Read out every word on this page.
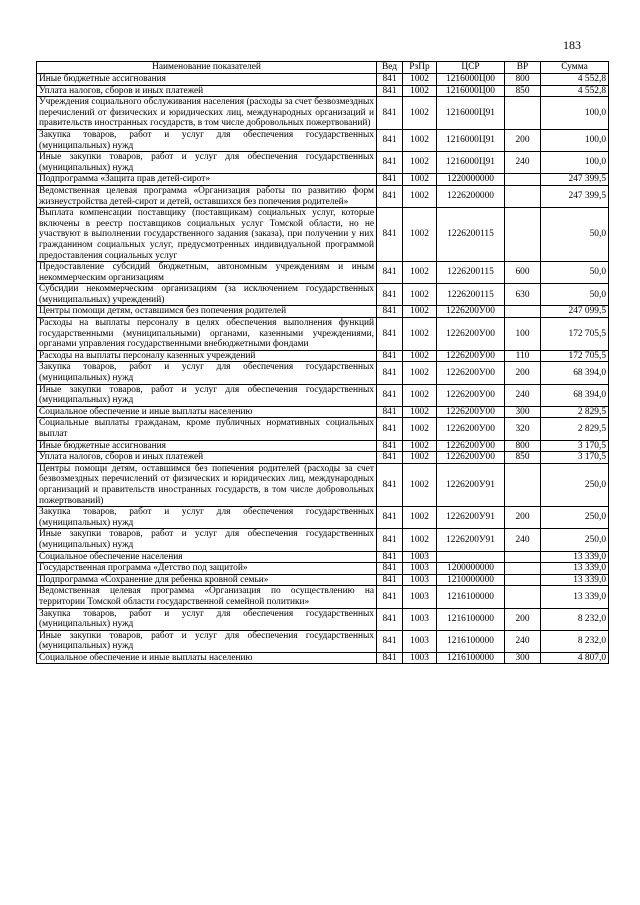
183
Наименование показателей	Вед	РзПр	ЦСР	ВР	Сумма
Иные бюджетные ассигнования	841	1002	1216000Ц00	800	4 552,8
Уплата налогов, сборов и иных платежей	841	1002	1216000Ц00	850	4 552,8
Учреждения социального обслуживания населения (расходы за счет безвозмездных перечислений от физических и юридических лиц, международных организаций и правительств иностранных государств, в том числе добровольных пожертвований)	841	1002	1216000Ц91		100,0
Закупка товаров, работ и услуг для обеспечения государственных (муниципальных) нужд	841	1002	1216000Ц91	200	100,0
Иные закупки товаров, работ и услуг для обеспечения государственных (муниципальных) нужд	841	1002	1216000Ц91	240	100,0
Подпрограмма «Защита прав детей-сирот»	841	1002	1220000000		247 399,5
Ведомственная целевая программа «Организация работы по развитию форм жизнеустройства детей-сирот и детей, оставшихся без попечения родителей»	841	1002	1226200000		247 399,5
Выплата компенсации поставщику (поставщикам) социальных услуг, которые включены в реестр поставщиков социальных услуг Томской области, но не участвуют в выполнении государственного задания (заказа), при получении у них гражданином социальных услуг, предусмотренных индивидуальной программой предоставления социальных услуг	841	1002	1226200115		50,0
Предоставление субсидий бюджетным, автономным учреждениям и иным некоммерческим организациям	841	1002	1226200115	600	50,0
Субсидии некоммерческим организациям (за исключением государственных (муниципальных) учреждений)	841	1002	1226200115	630	50,0
Центры помощи детям, оставшимся без попечения родителей	841	1002	1226200У00		247 099,5
Расходы на выплаты персоналу в целях обеспечения выполнения функций государственными (муниципальными) органами, казенными учреждениями, органами управления государственными внебюджетными фондами	841	1002	1226200У00	100	172 705,5
Расходы на выплаты персоналу казенных учреждений	841	1002	1226200У00	110	172 705,5
Закупка товаров, работ и услуг для обеспечения государственных (муниципальных) нужд	841	1002	1226200У00	200	68 394,0
Иные закупки товаров, работ и услуг для обеспечения государственных (муниципальных) нужд	841	1002	1226200У00	240	68 394,0
Социальное обеспечение и иные выплаты населению	841	1002	1226200У00	300	2 829,5
Социальные выплаты гражданам, кроме публичных нормативных социальных выплат	841	1002	1226200У00	320	2 829,5
Иные бюджетные ассигнования	841	1002	1226200У00	800	3 170,5
Уплата налогов, сборов и иных платежей	841	1002	1226200У00	850	3 170,5
Центры помощи детям, оставшимся без попечения родителей (расходы за счет безвозмездных перечислений от физических и юридических лиц, международных организаций и правительств иностранных государств, в том числе добровольных пожертвований)	841	1002	1226200У91		250,0
Закупка товаров, работ и услуг для обеспечения государственных (муниципальных) нужд	841	1002	1226200У91	200	250,0
Иные закупки товаров, работ и услуг для обеспечения государственных (муниципальных) нужд	841	1002	1226200У91	240	250,0
Социальное обеспечение населения	841	1003			13 339,0
Государственная программа «Детство под защитой»	841	1003	1200000000		13 339,0
Подпрограмма «Сохранение для ребенка кровной семьи»	841	1003	1210000000		13 339,0
Ведомственная целевая программа «Организация по осуществлению на территории Томской области государственной семейной политики»	841	1003	1216100000		13 339,0
Закупка товаров, работ и услуг для обеспечения государственных (муниципальных) нужд	841	1003	1216100000	200	8 232,0
Иные закупки товаров, работ и услуг для обеспечения государственных (муниципальных) нужд	841	1003	1216100000	240	8 232,0
Социальное обеспечение и иные выплаты населению	841	1003	1216100000	300	4 807,0
